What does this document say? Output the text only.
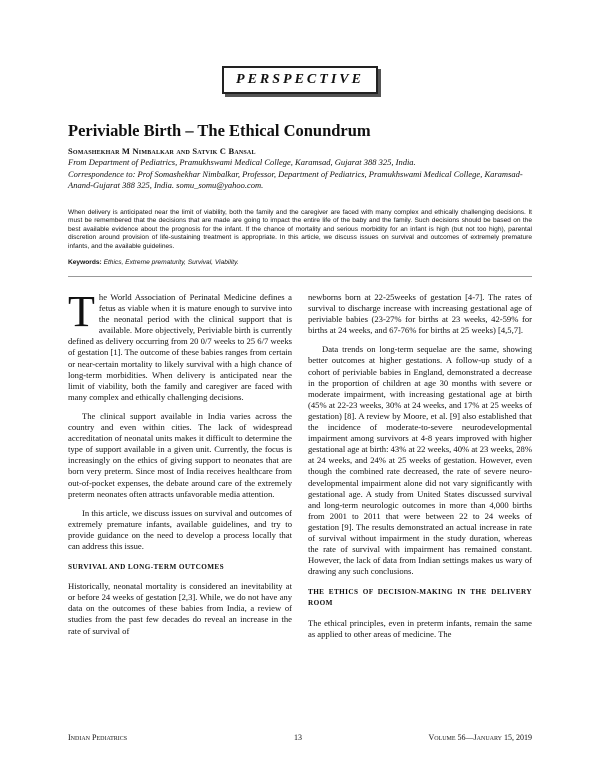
PERSPECTIVE
Periviable Birth – The Ethical Conundrum
Somashekhar M Nimbalkar and Satvik C Bansal
From Department of Pediatrics, Pramukhswami Medical College, Karamsad, Gujarat 388 325, India.
Correspondence to: Prof Somashekhar Nimbalkar, Professor, Department of Pediatrics, Pramukhswami Medical College, Karamsad-Anand-Gujarat 388 325, India. somu_somu@yahoo.com.
When delivery is anticipated near the limit of viability, both the family and the caregiver are faced with many complex and ethically challenging decisions. It must be remembered that the decisions that are made are going to impact the entire life of the baby and the family. Such decisions should be based on the best available evidence about the prognosis for the infant. If the chance of mortality and serious morbidity for an infant is high (but not too high), parental discretion around provision of life-sustaining treatment is appropriate. In this article, we discuss issues on survival and outcomes of extremely premature infants, and the available guidelines.
Keywords: Ethics, Extreme prematurity, Survival, Viability.

The World Association of Perinatal Medicine defines a fetus as viable when it is mature enough to survive into the neonatal period with the clinical support that is available. More objectively, Periviable birth is currently defined as delivery occurring from 20 0/7 weeks to 25 6/7 weeks of gestation [1]. The outcome of these babies ranges from certain or near-certain mortality to likely survival with a high chance of long-term morbidities. When delivery is anticipated near the limit of viability, both the family and caregiver are faced with many complex and ethically challenging decisions.

The clinical support available in India varies across the country and even within cities. The lack of widespread accreditation of neonatal units makes it difficult to determine the type of support available in a given unit. Currently, the focus is increasingly on the ethics of giving support to neonates that are born very preterm. Since most of India receives healthcare from out-of-pocket expenses, the debate around care of the extremely preterm neonates often attracts unfavorable media attention.

In this article, we discuss issues on survival and outcomes of extremely premature infants, available guidelines, and try to provide guidance on the need to develop a process locally that can address this issue.

SURVIVAL AND LONG-TERM OUTCOMES

Historically, neonatal mortality is considered an inevitability at or before 24 weeks of gestation [2,3]. While, we do not have any data on the outcomes of these babies from India, a review of studies from the past few decades do reveal an increase in the rate of survival of

newborns born at 22-25weeks of gestation [4-7]. The rates of survival to discharge increase with increasing gestational age of periviable babies (23-27% for births at 23 weeks, 42-59% for births at 24 weeks, and 67-76% for births at 25 weeks) [4,5,7].

Data trends on long-term sequelae are the same, showing better outcomes at higher gestations. A follow-up study of a cohort of periviable babies in England, demonstrated a decrease in the proportion of children at age 30 months with severe or moderate impairment, with increasing gestational age at birth (45% at 22-23 weeks, 30% at 24 weeks, and 17% at 25 weeks of gestation) [8]. A review by Moore, et al. [9] also established that the incidence of moderate-to-severe neurodevelopmental impairment among survivors at 4-8 years improved with higher gestational age at birth: 43% at 22 weeks, 40% at 23 weeks, 28% at 24 weeks, and 24% at 25 weeks of gestation. However, even though the combined rate decreased, the rate of severe neuro-developmental impairment alone did not vary significantly with gestational age. A study from United States discussed survival and long-term neurologic outcomes in more than 4,000 births from 2001 to 2011 that were between 22 to 24 weeks of gestation [9]. The results demonstrated an actual increase in rate of survival without impairment in the study duration, whereas the rate of survival with impairment has remained constant. However, the lack of data from Indian settings makes us wary of drawing any such conclusions.

THE ETHICS OF DECISION-MAKING IN THE DELIVERY ROOM

The ethical principles, even in preterm infants, remain the same as applied to other areas of medicine. The

Indian Pediatrics	13	Volume 56—January 15, 2019
